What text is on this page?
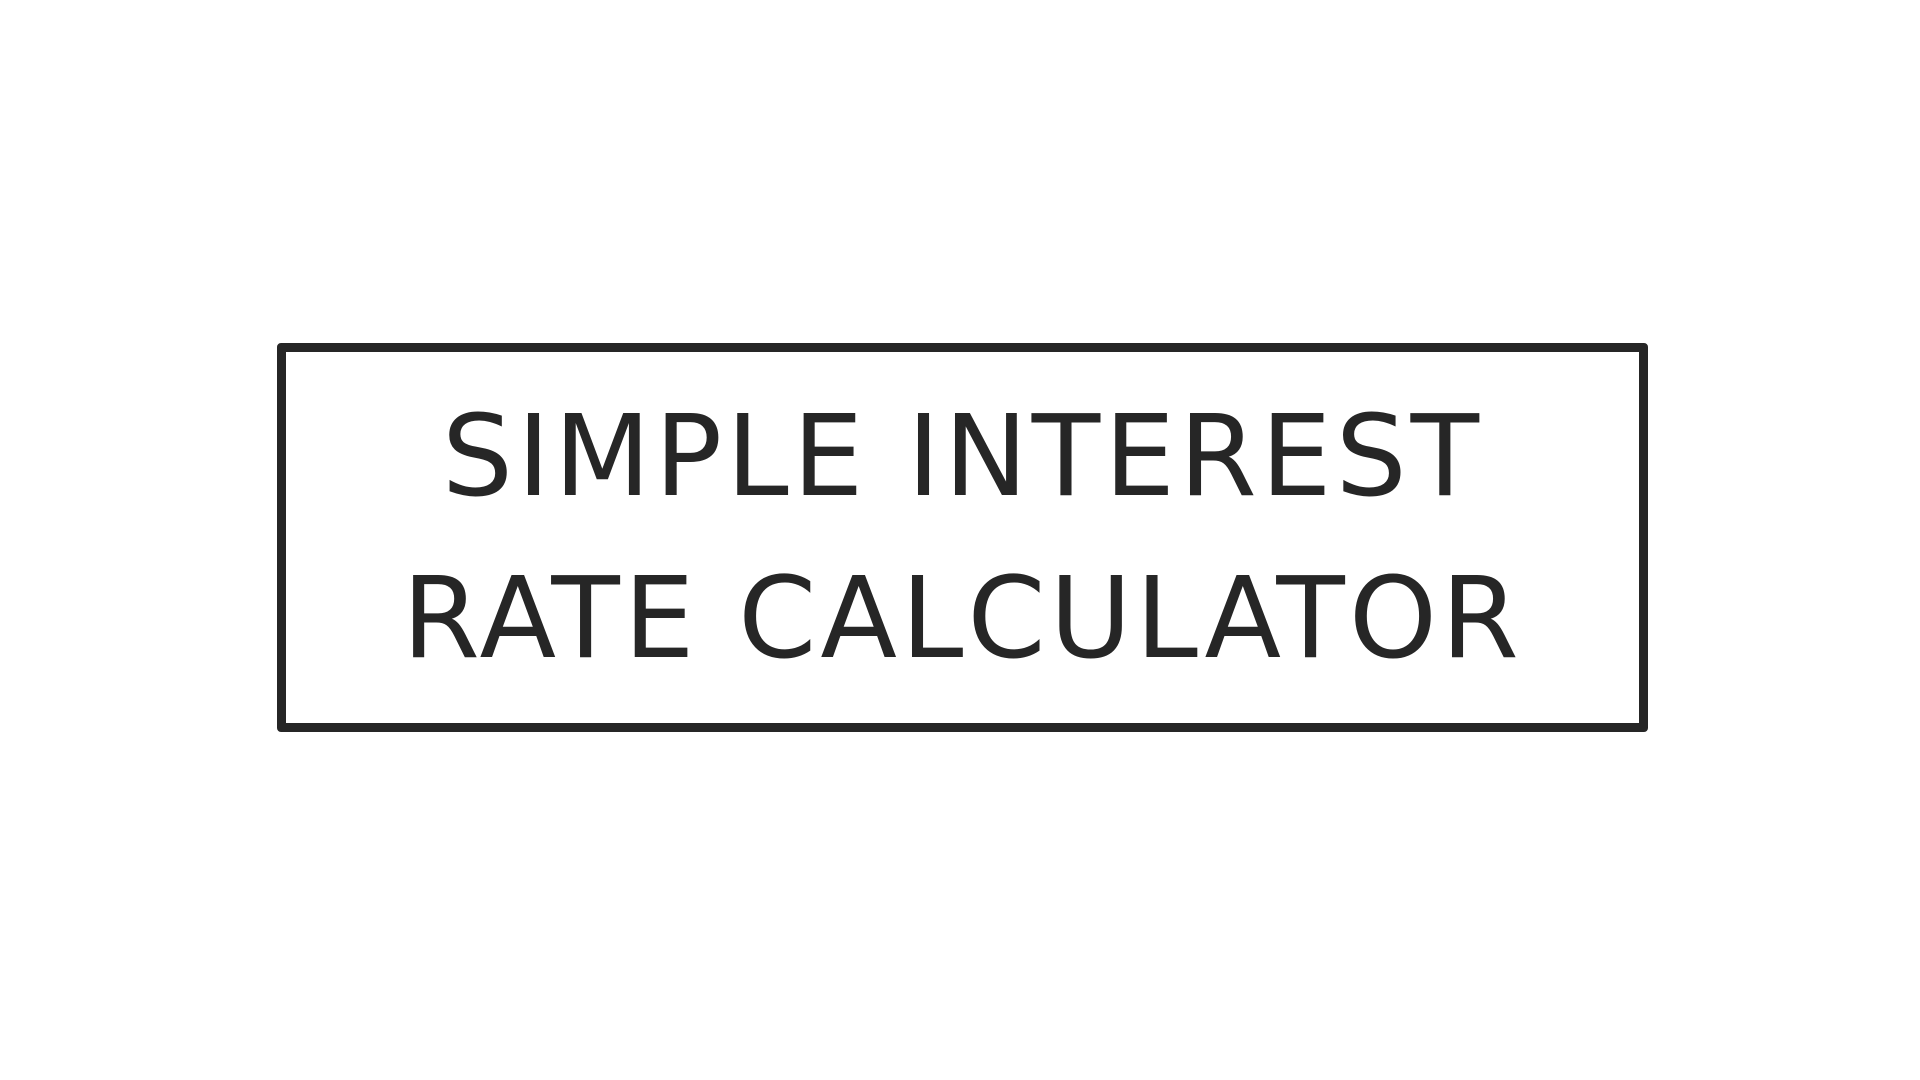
SIMPLE INTEREST
RATE CALCULATOR
